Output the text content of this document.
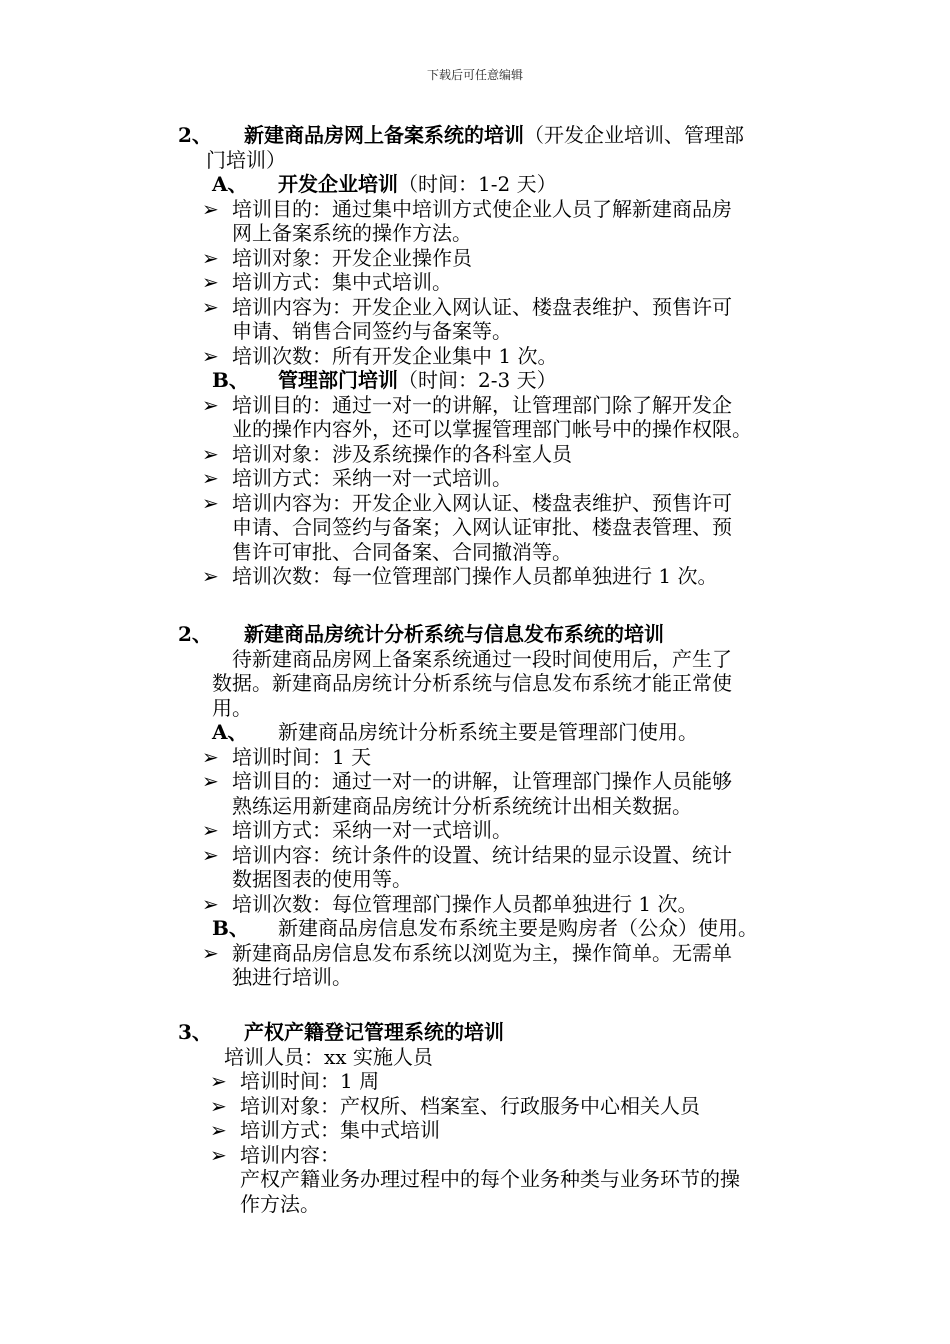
下载后可任意编辑
2、 新建商品房网上备案系统的培训（开发企业培训、管理部
门培训）
A、 开发企业培训（时间：1-2 天）
➢ 培训目的：通过集中培训方式使企业人员了解新建商品房
网上备案系统的操作方法。
➢ 培训对象：开发企业操作员
➢ 培训方式：集中式培训。
➢ 培训内容为：开发企业入网认证、楼盘表维护、预售许可
申请、销售合同签约与备案等。
➢ 培训次数：所有开发企业集中 1 次。
B、 管理部门培训（时间：2-3 天）
➢ 培训目的：通过一对一的讲解，让管理部门除了解开发企
业的操作内容外，还可以掌握管理部门帐号中的操作权限。
➢ 培训对象：涉及系统操作的各科室人员
➢ 培训方式：采纳一对一式培训。
➢ 培训内容为：开发企业入网认证、楼盘表维护、预售许可
申请、合同签约与备案；入网认证审批、楼盘表管理、预
售许可审批、合同备案、合同撤消等。
➢ 培训次数：每一位管理部门操作人员都单独进行 1 次。
2、 新建商品房统计分析系统与信息发布系统的培训
待新建商品房网上备案系统通过一段时间使用后，产生了
数据。新建商品房统计分析系统与信息发布系统才能正常使
用。
A、 新建商品房统计分析系统主要是管理部门使用。
➢ 培训时间：1 天
➢ 培训目的：通过一对一的讲解，让管理部门操作人员能够
熟练运用新建商品房统计分析系统统计出相关数据。
➢ 培训方式：采纳一对一式培训。
➢ 培训内容：统计条件的设置、统计结果的显示设置、统计
数据图表的使用等。
➢ 培训次数：每位管理部门操作人员都单独进行 1 次。
B、 新建商品房信息发布系统主要是购房者（公众）使用。
➢ 新建商品房信息发布系统以浏览为主，操作简单。无需单
独进行培训。
3、 产权产籍登记管理系统的培训
培训人员：xx 实施人员
➢ 培训时间：1 周
➢ 培训对象：产权所、档案室、行政服务中心相关人员
➢ 培训方式：集中式培训
➢ 培训内容：
产权产籍业务办理过程中的每个业务种类与业务环节的操
作方法。
